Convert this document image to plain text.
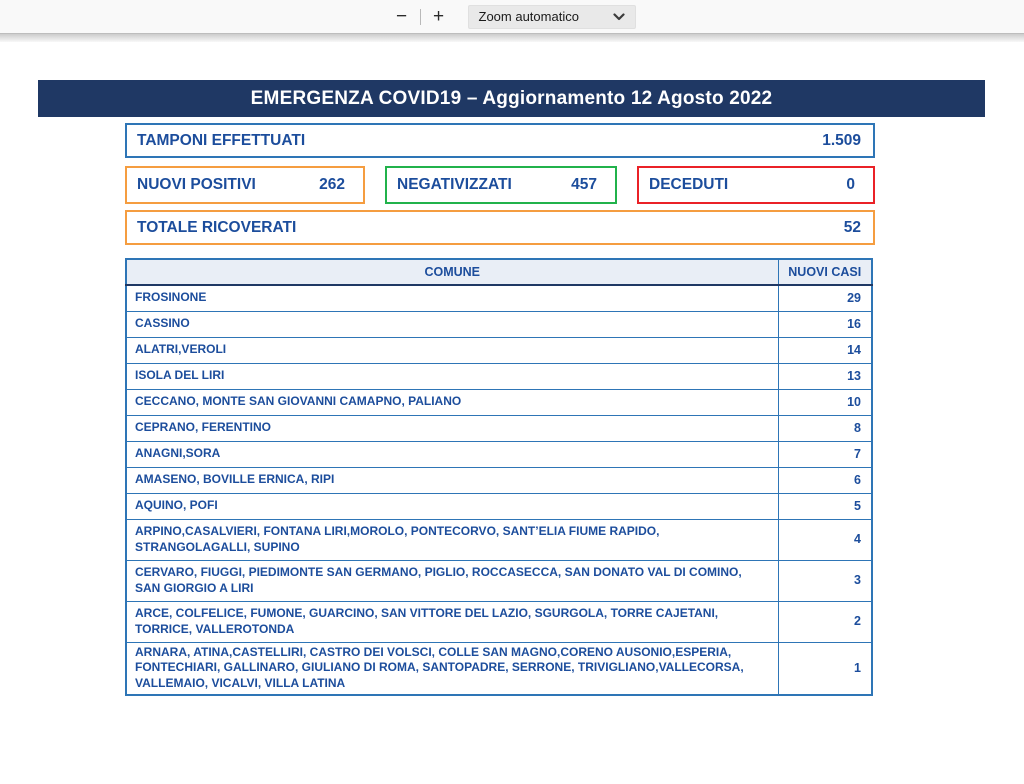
−	+	Zoom automatico
EMERGENZA COVID19 – Aggiornamento 12 Agosto 2022
TAMPONI EFFETTUATI	1.509
NUOVI POSITIVI	262	NEGATIVIZZATI	457	DECEDUTI	0
TOTALE RICOVERATI	52
COMUNE	NUOVI CASI
FROSINONE	29
CASSINO	16
ALATRI,VEROLI	14
ISOLA DEL LIRI	13
CECCANO, MONTE SAN GIOVANNI CAMAPNO, PALIANO	10
CEPRANO, FERENTINO	8
ANAGNI,SORA	7
AMASENO, BOVILLE ERNICA, RIPI	6
AQUINO, POFI	5
ARPINO,CASALVIERI, FONTANA LIRI,MOROLO, PONTECORVO, SANT’ELIA FIUME RAPIDO, STRANGOLAGALLI, SUPINO	4
CERVARO, FIUGGI, PIEDIMONTE SAN GERMANO, PIGLIO, ROCCASECCA, SAN DONATO VAL DI COMINO, SAN GIORGIO A LIRI	3
ARCE, COLFELICE, FUMONE, GUARCINO, SAN VITTORE DEL LAZIO, SGURGOLA, TORRE CAJETANI, TORRICE, VALLEROTONDA	2
ARNARA, ATINA,CASTELLIRI, CASTRO DEI VOLSCI, COLLE SAN MAGNO,CORENO AUSONIO,ESPERIA, FONTECHIARI, GALLINARO, GIULIANO DI ROMA, SANTOPADRE, SERRONE, TRIVIGLIANO,VALLECORSA, VALLEMAIO, VICALVI, VILLA LATINA	1
